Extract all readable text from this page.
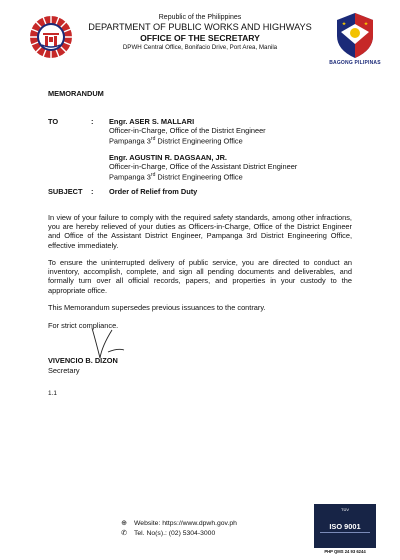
Republic of the Philippines
DEPARTMENT OF PUBLIC WORKS AND HIGHWAYS
OFFICE OF THE SECRETARY
DPWH Central Office, Bonifacio Drive, Port Area, Manila
BAGONG PILIPINAS
MEMORANDUM
TO	: Engr. ASER S. MALLARI
Officer-in-Charge, Office of the District Engineer
Pampanga 3rd District Engineering Office
Engr. AGUSTIN R. DAGSAAN, JR.
Officer-in-Charge, Office of the Assistant District Engineer
Pampanga 3rd District Engineering Office
SUBJECT : Order of Relief from Duty
In view of your failure to comply with the required safety standards, among other infractions, you are hereby relieved of your duties as Officers-in-Charge, Office of the District Engineer and Office of the Assistant District Engineer, Pampanga 3rd District Engineering Office, effective immediately.
To ensure the uninterrupted delivery of public service, you are directed to conduct an inventory, accomplish, complete, and sign all pending documents and deliverables, and formally turn over all official records, papers, and properties in your custody to the appropriate office.
This Memorandum supersedes previous issuances to the contrary.
For strict compliance.
VIVENCIO B. DIZON
Secretary
1.1
⊕	Website: https://www.dpwh.gov.ph
✆	Tel. No(s).: (02) 5304-3000
TÜV
ISO 9001
PHP QMS 24 93 6244
